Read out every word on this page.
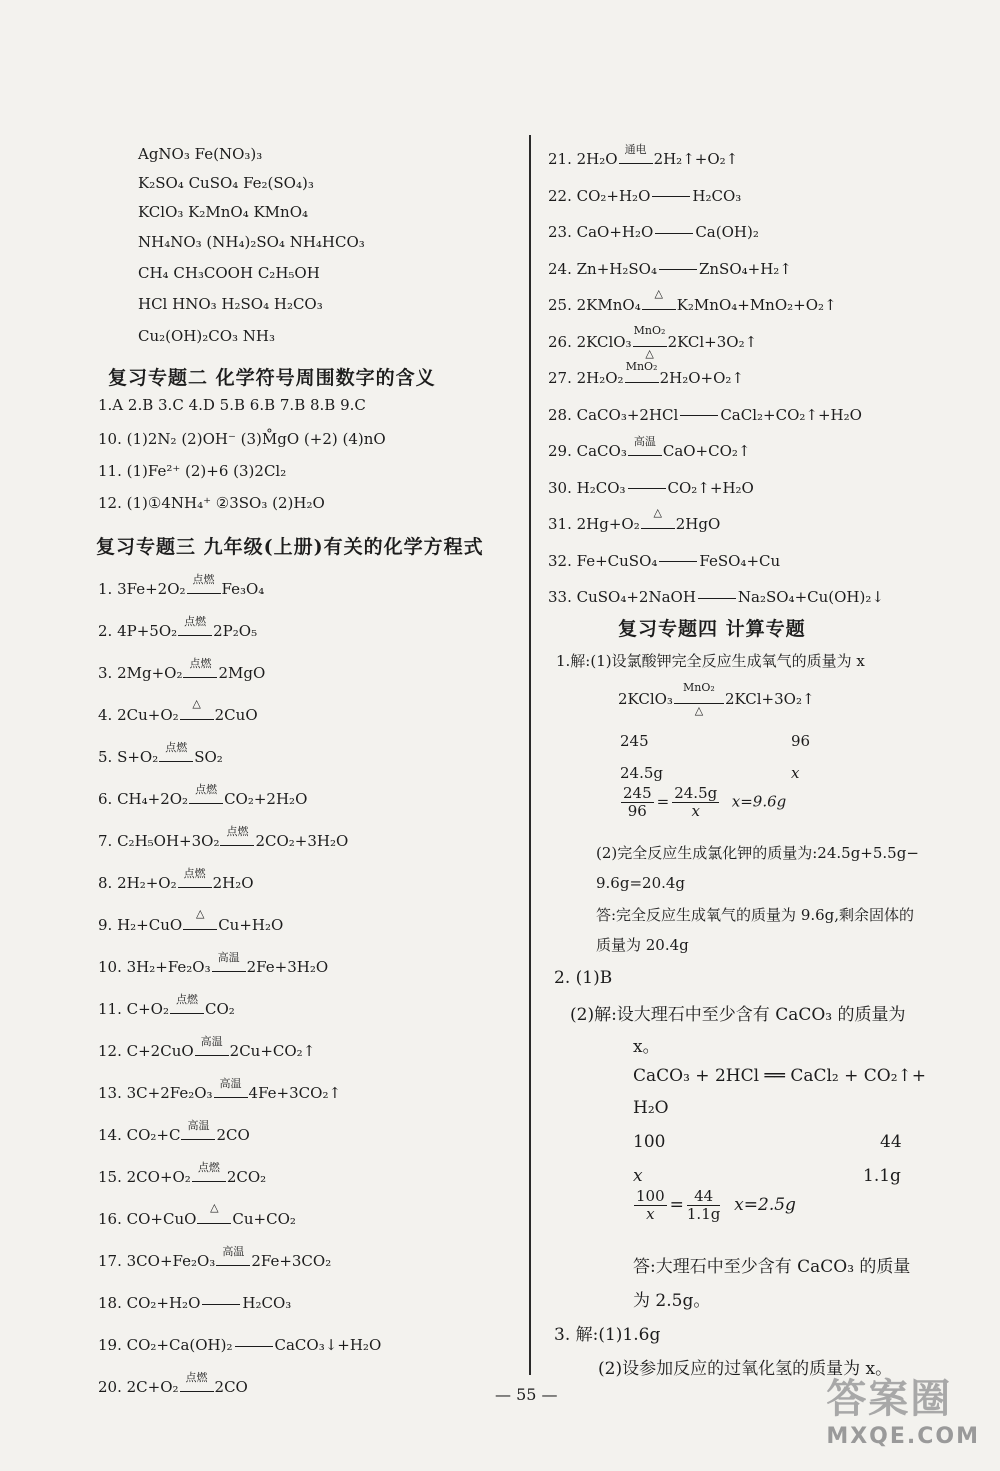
AgNO₃ Fe(NO₃)₃
K₂SO₄ CuSO₄ Fe₂(SO₄)₃
KClO₃ K₂MnO₄ KMnO₄
NH₄NO₃ (NH₄)₂SO₄ NH₄HCO₃
CH₄ CH₃COOH C₂H₅OH
HCl HNO₃ H₂SO₄ H₂CO₃
Cu₂(OH)₂CO₃ NH₃
复习专题二 化学符号周围数字的含义
1.A 2.B 3.C 4.D 5.B 6.B 7.B 8.B 9.C
10. (1)2N₂ (2)OH⁻ (3)M̊gO (+2) (4)nO
11. (1)Fe²⁺ (2)+6 (3)2Cl₂
12. (1)①4NH₄⁺ ②3SO₃ (2)H₂O
复习专题三 九年级(上册)有关的化学方程式
1. 3Fe+2O₂
点燃
Fe₃O₄
2. 4P+5O₂
点燃
2P₂O₅
3. 2Mg+O₂
点燃
2MgO
4. 2Cu+O₂
△
2CuO
5. S+O₂
点燃
SO₂
6. CH₄+2O₂
点燃
CO₂+2H₂O
7. C₂H₅OH+3O₂
点燃
2CO₂+3H₂O
8. 2H₂+O₂
点燃
2H₂O
9. H₂+CuO
△
Cu+H₂O
10. 3H₂+Fe₂O₃
高温
2Fe+3H₂O
11. C+O₂
点燃
CO₂
12. C+2CuO
高温
2Cu+CO₂↑
13. 3C+2Fe₂O₃
高温
4Fe+3CO₂↑
14. CO₂+C
高温
2CO
15. 2CO+O₂
点燃
2CO₂
16. CO+CuO
△
Cu+CO₂
17. 3CO+Fe₂O₃
高温
2Fe+3CO₂
18. CO₂+H₂O	H₂CO₃
19. CO₂+Ca(OH)₂	CaCO₃↓+H₂O
20. 2C+O₂
点燃
2CO
21. 2H₂O
通电
2H₂↑+O₂↑
22. CO₂+H₂O	H₂CO₃
23. CaO+H₂O	Ca(OH)₂
24. Zn+H₂SO₄	ZnSO₄+H₂↑
25. 2KMnO₄
△
K₂MnO₄+MnO₂+O₂↑
26. 2KClO₃
MnO₂
△
2KCl+3O₂↑
27. 2H₂O₂
MnO₂
2H₂O+O₂↑
28. CaCO₃+2HCl	CaCl₂+CO₂↑+H₂O
29. CaCO₃
高温
CaO+CO₂↑
30. H₂CO₃	CO₂↑+H₂O
31. 2Hg+O₂
△
2HgO
32. Fe+CuSO₄	FeSO₄+Cu
33. CuSO₄+2NaOH	Na₂SO₄+Cu(OH)₂↓
复习专题四 计算专题
1.解:(1)设氯酸钾完全反应生成氧气的质量为 x
2KClO₃
MnO₂
△
2KCl+3O₂↑
245	96
24.5g	x
$\frac{245}{96} = \frac{24.5g}{x} x=9.6g$
(2)完全反应生成氯化钾的质量为:24.5g+5.5g−
9.6g=20.4g
答:完全反应生成氧气的质量为 9.6g,剩余固体的
质量为 20.4g
2. (1)B
(2)解:设大理石中至少含有 CaCO₃ 的质量为
x。
CaCO₃ + 2HCl ══ CaCl₂ + CO₂↑+
H₂O
100	44
x	1.1g
$\frac{100}{x} = \frac{44}{1.1g} x=2.5g$
答:大理石中至少含有 CaCO₃ 的质量
为 2.5g。
3. 解:(1)1.6g
(2)设参加反应的过氧化氢的质量为 x。
— 55 —	答案圈
MXQE.COM
